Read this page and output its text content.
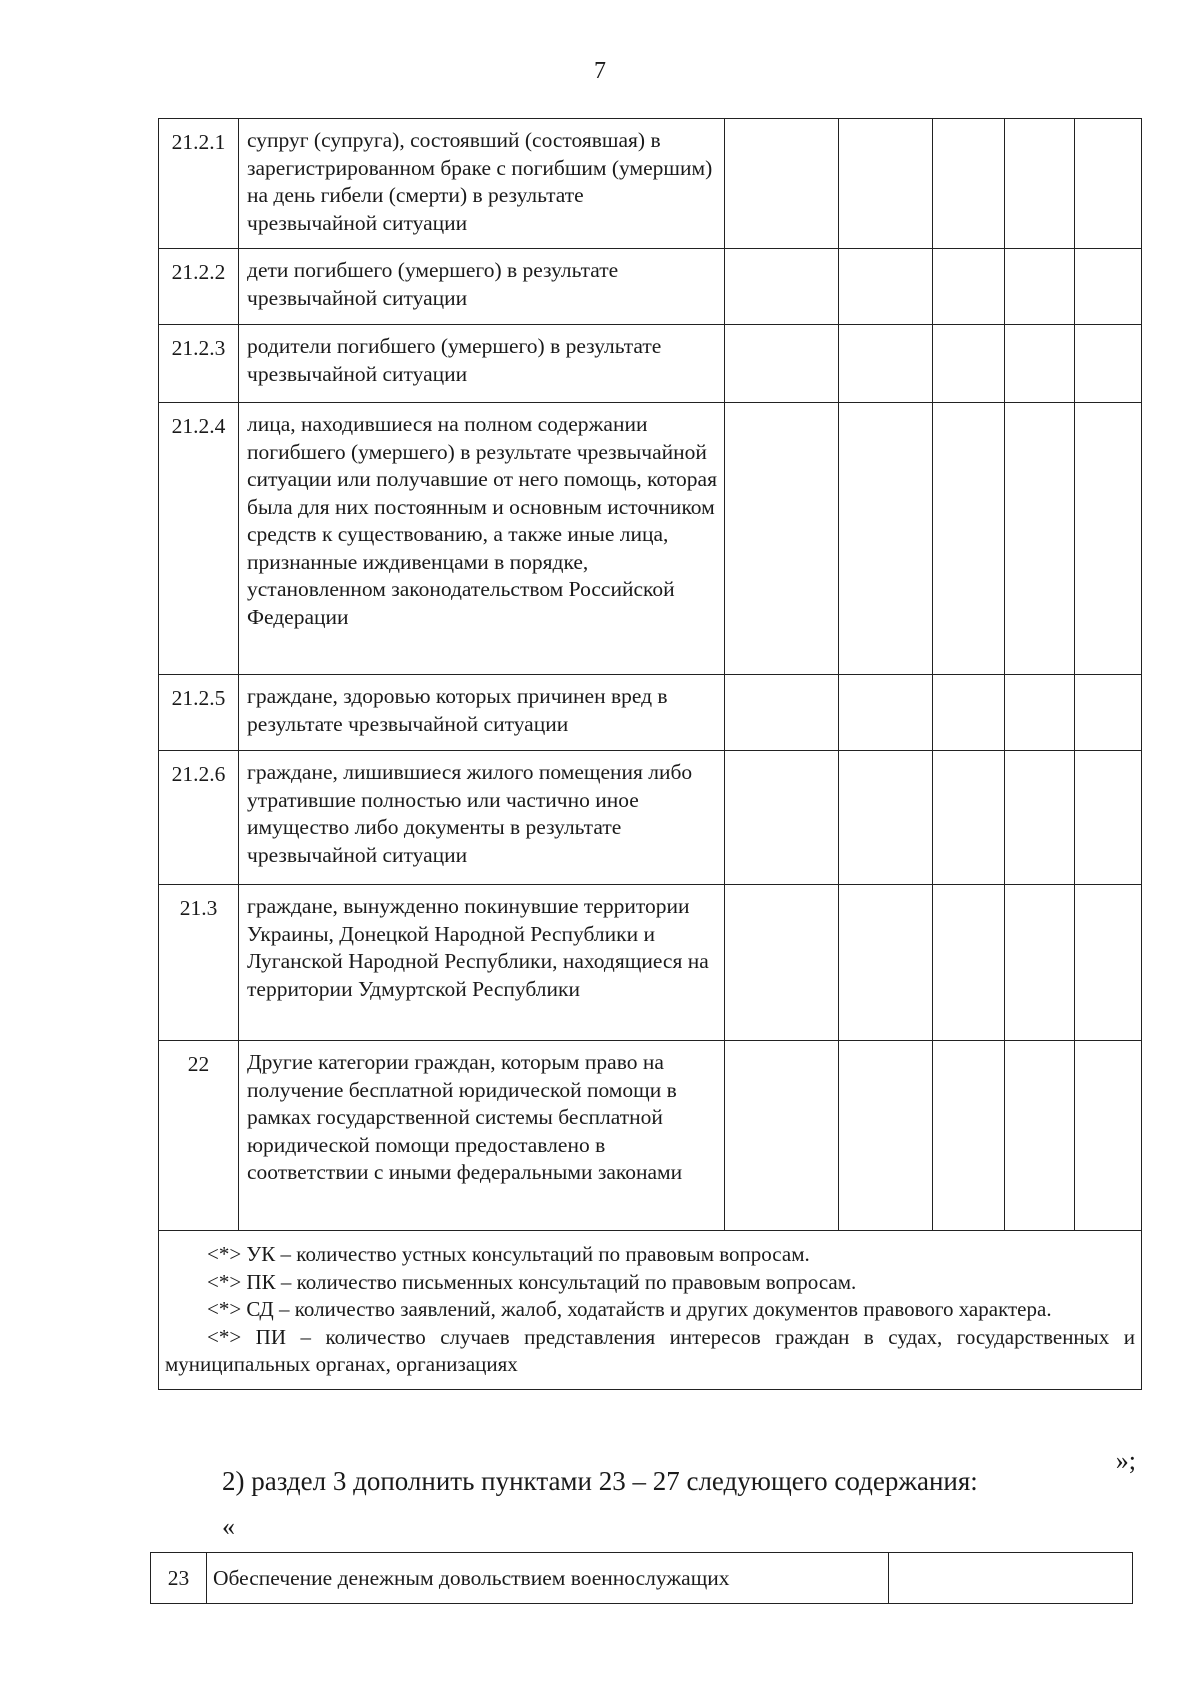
7
21.2.1	супруг (супруга), состоявший (состоявшая) в зарегистрированном браке с погибшим (умершим) на день гибели (смерти) в результате чрезвычайной ситуации					
21.2.2	дети погибшего (умершего) в результате чрезвычайной ситуации					
21.2.3	родители погибшего (умершего) в результате чрезвычайной ситуации					
21.2.4	лица, находившиеся на полном содержании погибшего (умершего) в результате чрезвычайной ситуации или получавшие от него помощь, которая была для них постоянным и основным источником средств к существованию, а также иные лица, признанные иждивенцами в порядке, установленном законодательством Российской Федерации					
21.2.5	граждане, здоровью которых причинен вред в результате чрезвычайной ситуации					
21.2.6	граждане, лишившиеся жилого помещения либо утратившие полностью или частично иное имущество либо документы в результате чрезвычайной ситуации					
21.3	граждане, вынужденно покинувшие территории Украины, Донецкой Народной Республики и Луганской Народной Республики, находящиеся на территории Удмуртской Республики					
22	Другие категории граждан, которым право на получение бесплатной юридической помощи в рамках государственной системы бесплатной юридической помощи предоставлено в соответствии с иными федеральными законами					

<*> УК – количество устных консультаций по правовым вопросам.
<*> ПК – количество письменных консультаций по правовым вопросам.
<*> СД – количество заявлений, жалоб, ходатайств и других документов правового характера.
<*> ПИ – количество случаев представления интересов граждан в судах, государственных и муниципальных органах, организациях						
»;
2) раздел 3 дополнить пунктами 23 – 27 следующего содержания:
«
23	Обеспечение денежным довольствием военнослужащих	
